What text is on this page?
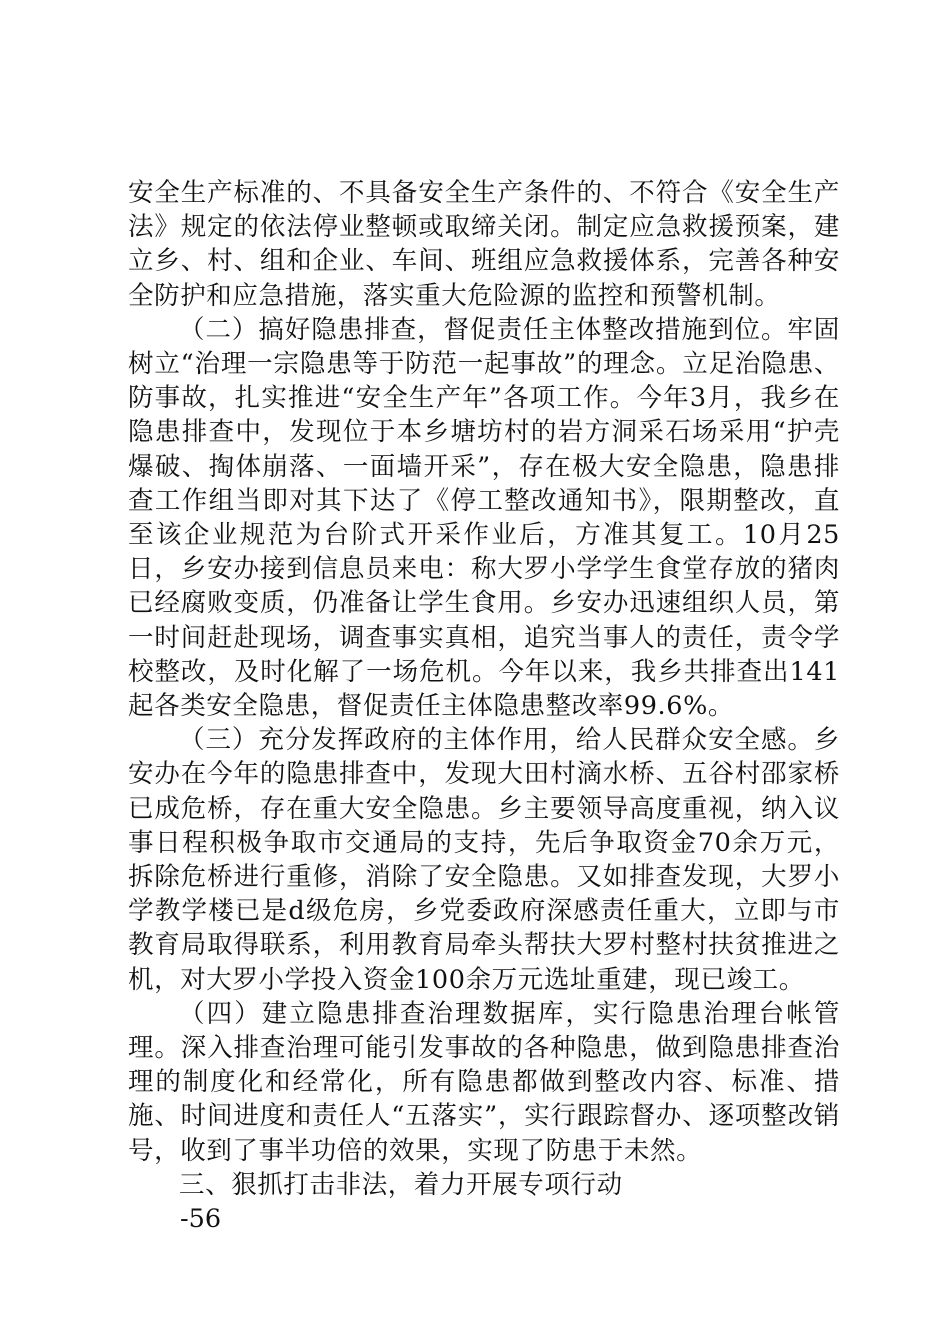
安全生产标准的、不具备安全生产条件的、不符合《安全生产法》规定的依法停业整顿或取缔关闭。制定应急救援预案，建立乡、村、组和企业、车间、班组应急救援体系，完善各种安全防护和应急措施，落实重大危险源的监控和预警机制。

（二）搞好隐患排查，督促责任主体整改措施到位。牢固树立“治理一宗隐患等于防范一起事故”的理念。立足治隐患、防事故，扎实推进“安全生产年”各项工作。今年3月，我乡在隐患排查中，发现位于本乡塘坊村的岩方洞采石场采用“护壳爆破、掏体崩落、一面墙开采”，存在极大安全隐患，隐患排查工作组当即对其下达了《停工整改通知书》，限期整改，直至该企业规范为台阶式开采作业后，方准其复工。10月25日，乡安办接到信息员来电：称大罗小学学生食堂存放的猪肉已经腐败变质，仍准备让学生食用。乡安办迅速组织人员，第一时间赶赴现场，调查事实真相，追究当事人的责任，责令学校整改，及时化解了一场危机。今年以来，我乡共排查出141起各类安全隐患，督促责任主体隐患整改率99.6%。

（三）充分发挥政府的主体作用，给人民群众安全感。乡安办在今年的隐患排查中，发现大田村滴水桥、五谷村邵家桥已成危桥，存在重大安全隐患。乡主要领导高度重视，纳入议事日程积极争取市交通局的支持，先后争取资金70余万元，拆除危桥进行重修，消除了安全隐患。又如排查发现，大罗小学教学楼已是d级危房，乡党委政府深感责任重大，立即与市教育局取得联系，利用教育局牵头帮扶大罗村整村扶贫推进之机，对大罗小学投入资金100余万元选址重建，现已竣工。

（四）建立隐患排查治理数据库，实行隐患治理台帐管理。深入排查治理可能引发事故的各种隐患，做到隐患排查治理的制度化和经常化，所有隐患都做到整改内容、标准、措施、时间进度和责任人“五落实”，实行跟踪督办、逐项整改销号，收到了事半功倍的效果，实现了防患于未然。

三、狠抓打击非法，着力开展专项行动

-56
